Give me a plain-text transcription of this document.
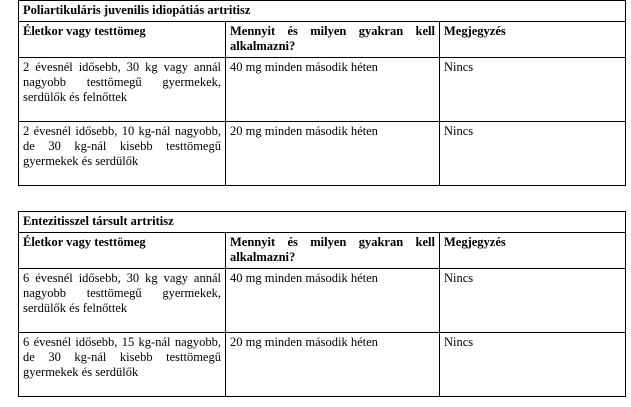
Poliartikuláris juvenilis idiopátiás artritisz		
Életkor vagy testtömeg	Mennyit és milyen gyakran kell alkalmazni?	Megjegyzés
2 évesnél idősebb, 30 kg vagy annál nagyobb testtömegű gyermekek, serdülők és felnőttek	40 mg minden második héten	Nincs
2 évesnél idősebb, 10 kg-nál nagyobb, de 30 kg-nál kisebb testtömegű gyermekek és serdülők	20 mg minden második héten	Nincs
Entezitisszel társult artritisz		
Életkor vagy testtömeg	Mennyit és milyen gyakran kell alkalmazni?	Megjegyzés
6 évesnél idősebb, 30 kg vagy annál nagyobb testtömegű gyermekek, serdülők és felnőttek	40 mg minden második héten	Nincs
6 évesnél idősebb, 15 kg-nál nagyobb, de 30 kg-nál kisebb testtömegű gyermekek és serdülők	20 mg minden második héten	Nincs
